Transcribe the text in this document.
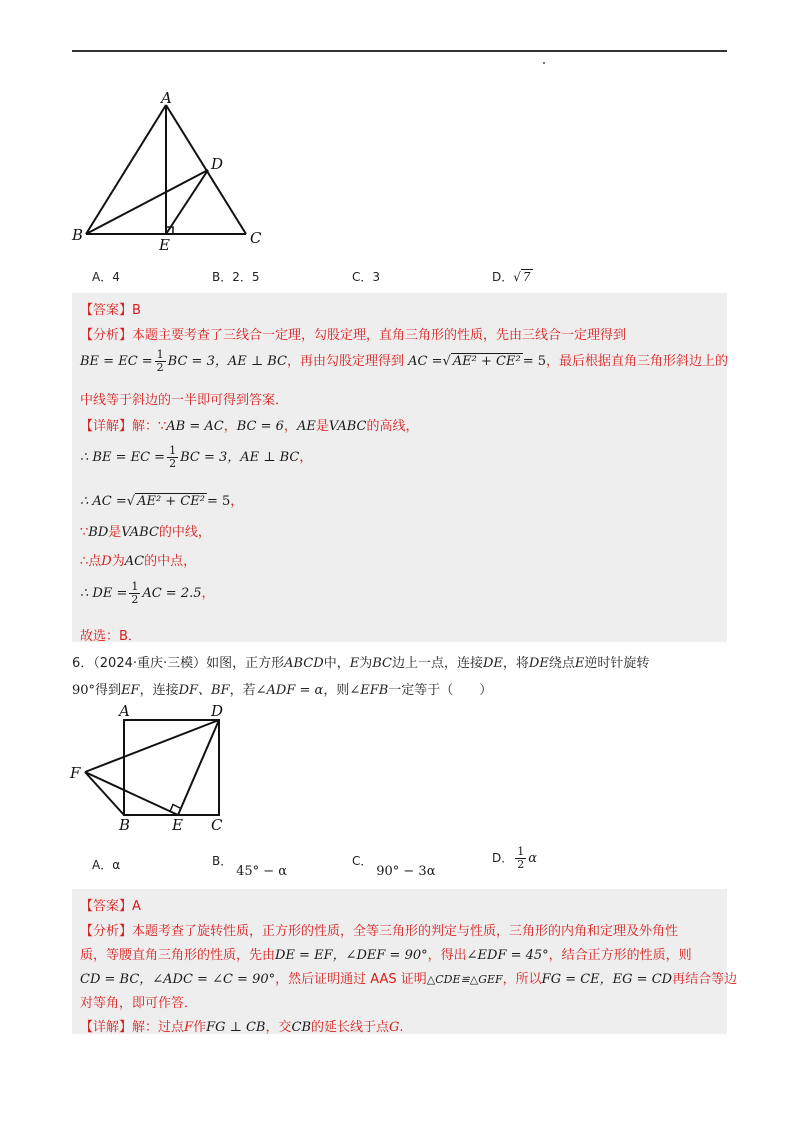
A
B	C
D
E
A．4	B．2．5	C．3	D．√ 7
【答案】B
【分析】本题主要考查了三线合一定理，勾股定理，直角三角形的性质，先由三线合一定理得到
BE = EC = $\frac{1}{2}$ BC = 3，AE ⊥ BC，再由勾股定理得到 AC =√ AE² + CE² = 5，最后根据直角三角形斜边上的
中线等于斜边的一半即可得到答案．
【详解】解：∵AB = AC，BC = 6，AE是VABC的高线，
∴ BE = EC = $\frac{1}{2}$ BC = 3，AE ⊥ BC，
∴ AC =√ AE² + CE² = 5，
∵BD是VABC的中线，
∴点D为AC的中点，
∴ DE = $\frac{1}{2}$ AC = 2.5，
故选：B．
6．（2024·重庆·三模）如图，正方形ABCD中，E为BC边上一点，连接DE，将DE绕点E逆时针旋转
90°得到EF，连接DF、BF，若∠ADF = α，则∠EFB一定等于（　　）
A	D
F
B	E C
A．α	B． 45° − α
C． 90° − 3α
D． $\frac{1}{2}$ α
【答案】A
【分析】本题考查了旋转性质，正方形的性质，全等三角形的判定与性质，三角形的内角和定理及外角性
质，等腰直角三角形的性质，先由DE = EF，∠DEF = 90°，得出∠EDF = 45°，结合正方形的性质，则
CD = BC，∠ADC = ∠C = 90°，然后证明通过 AAS 证明△CDE≌△GEF，所以FG = CE，EG = CD再结合等边
对等角，即可作答．
【详解】解：过点F作FG ⊥ CB，交CB的延长线于点G.
